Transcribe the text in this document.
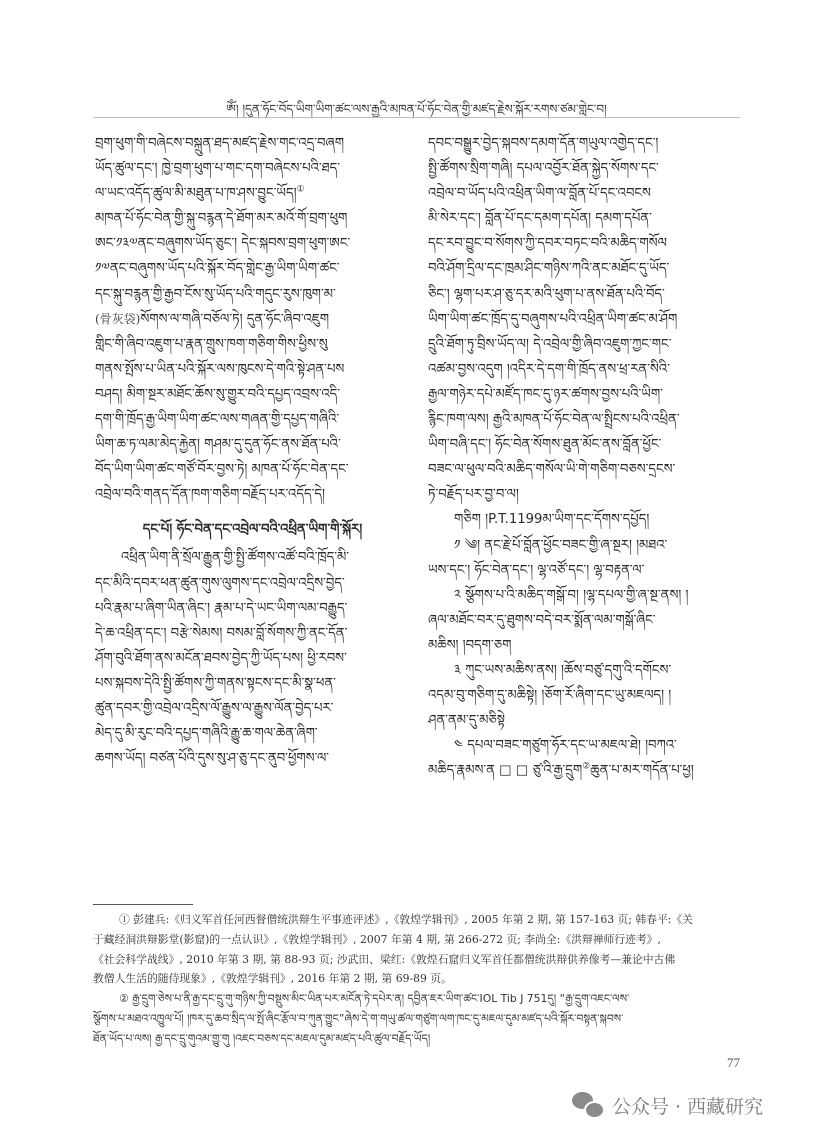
ༀ། །དུན་ཧོང་བོད་ཡིག་ཡིག་ཚང་ལས་རྒྱའི་མཁན་པོ་ཧོང་བེན་གྱི་མཛད་རྗེས་སྐོར་རགས་ཙམ་གླེང་བ།
བྲག་ཕུག་གི་བཞེངས་བསྐྲུན་ཐད་མཛད་རྗེས་གང་འདྲ་བཞག
ཡོད་ཚུལ་དང་། ཁྱེ་བྲག་ཕུག་པ་གང་དག་བཞེངས་པའི་ཐད་
ལ་ཡང་འདོད་ཚུལ་མི་མཐུན་པ་ཁ་ཤས་བྱུང་ཡོད།①
མཁན་པོ་ཧོང་བེན་གྱི་སྐུ་བརྙན་དེ་ཐོག་མར་མའོ་གོ་བྲག་ཕུག
ཨང་༡༣༧ནང་བཞུགས་ཡོད་ཅུང་། དེང་སྐབས་བྲག་ཕུག་ཨང་
༡༧ནང་བཞུགས་ཡོད་པའི་སྐོར་བོད་གླེང་རྒྱ་ཡིག་ཡིག་ཚང་
དང་སྐུ་བརྙན་གྱི་རྒྱབ་ངོས་སུ་ཡོད་པའི་གདུང་རུས་ཁུག་མ་
(骨灰袋)སོགས་ལ་གཞི་བཅོལ་ཏེ། དུན་ཧོང་ཞིབ་འཇུག
གླིང་གི་ཞིབ་འཇུག་པ་རྣན་གྲུས་ཁག་གཅིག་གིས་ཕྱིས་སུ
གནས་སྤོས་པ་ཡིན་པའི་སྐོར་ལས་ཁུངས་དེ་གའི་སྟེ་ཤན་པས
བཤད། མིག་སྔར་མཐོང་ཆོས་སུ་གྱུར་བའི་དཔྱད་འབྲས་འདི་
དག་གི་ཁྲོད་རྒྱ་ཡིག་ཡིག་ཚང་ལས་གཞན་གྱི་དཔྱད་གཞིའི་
ཡིག་ཆ་ཏ་ལམ་མེད་རྐྱེན། གཤམ་དུ་དུན་ཧོང་ནས་ཐོན་པའི་
བོད་ཡིག་ཡིག་ཚང་གཙོ་བོར་བྱས་ཏེ། མཁན་པོ་ཧོང་བེན་དང་
འབྲེལ་བའི་གནད་དོན་ཁག་གཅིག་བརྗོད་པར་འདོད་དེ།
དང་པོ། ཧོང་བེན་དང་འབྲེལ་བའི་འཕྲིན་ཡིག་གི་སྐོར།
འཕྲིན་ཡིག་ནི་སྲོལ་རྒྱུན་གྱི་སྤྱི་ཚོགས་འཚོ་བའི་ཁྲོད་མི་
དང་མིའི་དབར་ཕན་ཚུན་གུས་ལུགས་དང་འབྲེལ་འདྲིས་བྱེད་
པའི་རྣམ་པ་ཞིག་ཡིན་ཞིང་། རྣམ་པ་དེ་ཡང་ཡིག་ལམ་བརྒྱུད་
དེ་ཆ་འཕྲིན་དང་། བརྩེ་སེམས། བསམ་བློ་སོགས་ཀྱི་ནང་དོན་
ཤོག་བུའི་ཐོག་ནས་མངོན་ཐབས་བྱེད་ཀྱི་ཡོད་པས། ཕྱི་རབས་
པས་སྐབས་དེའི་སྤྱི་ཚོགས་ཀྱི་གནས་སྟངས་དང་མི་སྣ་ཕན་
ཚུན་དབར་གྱི་འབྲེལ་འདྲིས་ལོ་རྒྱུས་ལ་རྒྱུས་ལོན་བྱེད་པར་
མེད་དུ་མི་རུང་བའི་དཔྱད་གཞིའི་རྒྱུ་ཆ་གལ་ཆེན་ཞིག་
ཆགས་ཡོད། བཙན་པོའི་དུས་སུ་ཤ་ཅུ་དང་ནུབ་ཕྱོགས་ལ་
དབང་བསྒྱུར་བྱེད་སྐབས་དམག་དོན་གཡུལ་འགྱེད་དང་།
སྤྱི་ཚོགས་སྲིག་གཞི། དཔལ་འབྱོར་ཐོན་སྐྱེད་སོགས་དང་
འབྲེལ་བ་ཡོད་པའི་འཕྲིན་ཡིག་ལ་བློན་པོ་དང་འབངས
མི་སེར་དང་། བློན་པོ་དང་དམག་དཔོན། དམག་དཔོན་
དང་རབ་བྱུང་བ་སོགས་ཀྱི་དབར་བཏང་བའི་མཆིད་གསོལ
བའི་ཤོག་དྲིལ་དང་ཁྲམ་ཤིང་གཉིས་ཀའི་ནང་མཐོང་དུ་ཡོད་
ཅིང་། ལྷག་པར་ཤ་ཅུ་དར་མའི་ཕུག་པ་ནས་ཐོན་པའི་བོད་
ཡིག་ཡིག་ཚང་ཁྲོད་དུ་བཞུགས་པའི་འཕྲིན་ཡིག་ཚང་མ་ཤོག
དྲུའི་ཐོག་ཏུ་བྲིས་ཡོད་ལ། དེ་འབྲེལ་གྱི་ཞིབ་འཇུག་ཀྱང་གང་
འཚམ་བྱས་འདུག །འདིར་དེ་དག་གི་ཁྲོད་ནས་ཕྲ་རན་སིའི་
རྒྱལ་གཉེར་དཔེ་མཛོད་ཁང་དུ་ཉར་ཚགས་བྱས་པའི་ཡིག་
རྙིང་ཁག་ལས། རྒྱའི་མཁན་པོ་ཧོང་བེན་ལ་སྤྲིངས་པའི་འཕྲིན་
ཡིག་བཞི་དང་། ཧོང་བེན་སོགས་ཐུན་མོང་ནས་བློན་ཕྱོང་
བཟང་ལ་ཕུལ་བའི་མཆིད་གསོལ་ཡི་གེ་གཅིག་བཅས་དྲངས་
ཏེ་བརྗོད་པར་བྱ་བ་ལ།
གཅིག །P.T.1199མ་ཡིག་དང་དོགས་དཔྱོད།
༡ ༄། ནང་རྗེ་པོ་བློན་ཕྱོང་བཟང་གྱི་ཞ་སྔར། །མཐའ་
ཡས་དང་། ཧོང་བེན་དང་། ལྷ་འཙོ་དང་། ལྷ་བརྟན་ལ་
༢ སྩོགས་པ་འི་མཆིད་གསྒོ་བ། །ལྷ་དཔལ་གྱི་ཞ་སྔ་ནས། །
ཞལ་མཐོང་བར་དུ་ཐུགས་བདེ་བར་སྨོན་ལམ་གསྒོ་ཞིང་
མཆིས། །བདག་ཅག
༣ ཀུང་ཡས་མཆིས་ནས། །ཆོས་བཙུ་དགུ་འི་དགོངས་
འདམ་བུ་གཅིག་དུ་མཆིསྟེ། །ཅོག་རོ་ཞིག་དང་ཡུ་མཇལད། །
ཤན་ནམ་དུ་མཅིསྟེ
༤ དཔལ་བཟང་གཙུག་ཧོར་དང་ཡ་མཇལ་ཐེ། །བཀའ་
མཆིད་རྣམས་ན □ □ ཙུ་འི་རྒྱ་དྲུག②ཆུན་པ་མར་གདོན་པ་ཕྱ།
① 彭建兵:《归义军首任河西督僧统洪辩生平事迹评述》,《敦煌学辑刊》, 2005 年第 2 期, 第 157-163 页; 韩春平:《关
于藏经洞洪辩影堂(影窟)的一点认识》,《敦煌学辑刊》, 2007 年第 4 期, 第 266-272 页; 李尚全:《洪辩禅师行迹考》,
《社会科学战线》, 2010 年第 3 期, 第 88-93 页; 沙武田、梁红:《敦煌石窟归义军首任都僧统洪辩供养像考—兼论中古佛
教僧人生活的随侍现象》,《敦煌学辑刊》, 2016 年第 2 期, 第 69-89 页。
② རྒྱ་དྲུག་ཅེས་པ་ནི་རྒྱ་དང་དྲུ་གུ་གཉིས་ཀྱི་བསྡུས་མིང་ཡིན་པར་མངོན་ཏེ་དཔེར་ན། དབྱིན་ཇར་ཡིག་ཚང་IOL Tib J 751དུ། “རྒྱ་དྲུག་འཇང་ལས་
སྩོགས་པ་མཐའ་འཁྱུལ་པོ། །ཁར་དུ་ཆབ་སྲིད་ལ་སྤོ་ཞིང་རྩོལ་བ་ཀུན་གྱུང”ཞེས་དེ་ག་གཡུ་ཚལ་གཙུག་ལག་ཁང་དུ་མཇལ་དུམ་མཛད་པའི་སྐོར་བསྟན་སྐབས་
ཐོན་ཡོད་པ་ལས། རྒྱ་དང་དྲུ་གུའམ་གྱུ་གུ །འཇང་བཅས་དང་མཇལ་དུམ་མཛད་པའི་ཚུལ་བརྗོད་ཡོད།
77
公众号 · 西藏研究
